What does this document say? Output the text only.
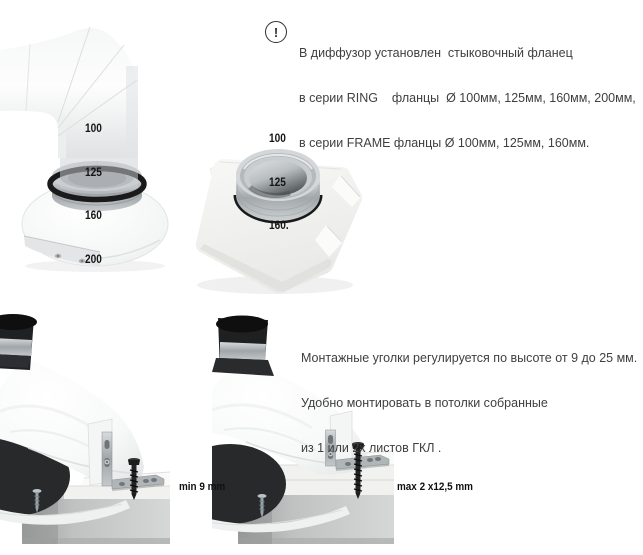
100

125

160

200

100

125

160.

!

В диффузор установлен  стыковочный фланец

в серии RING    фланцы  Ø 100мм, 125мм, 160мм, 200мм,

в серии FRAME фланцы Ø 100мм, 125мм, 160мм.

Монтажные уголки регулируется по высоте от 9 до 25 мм.

Удобно монтировать в потолки собранные

из 1 или 2х листов ГКЛ .

min 9 mm	max 2 x12,5 mm
